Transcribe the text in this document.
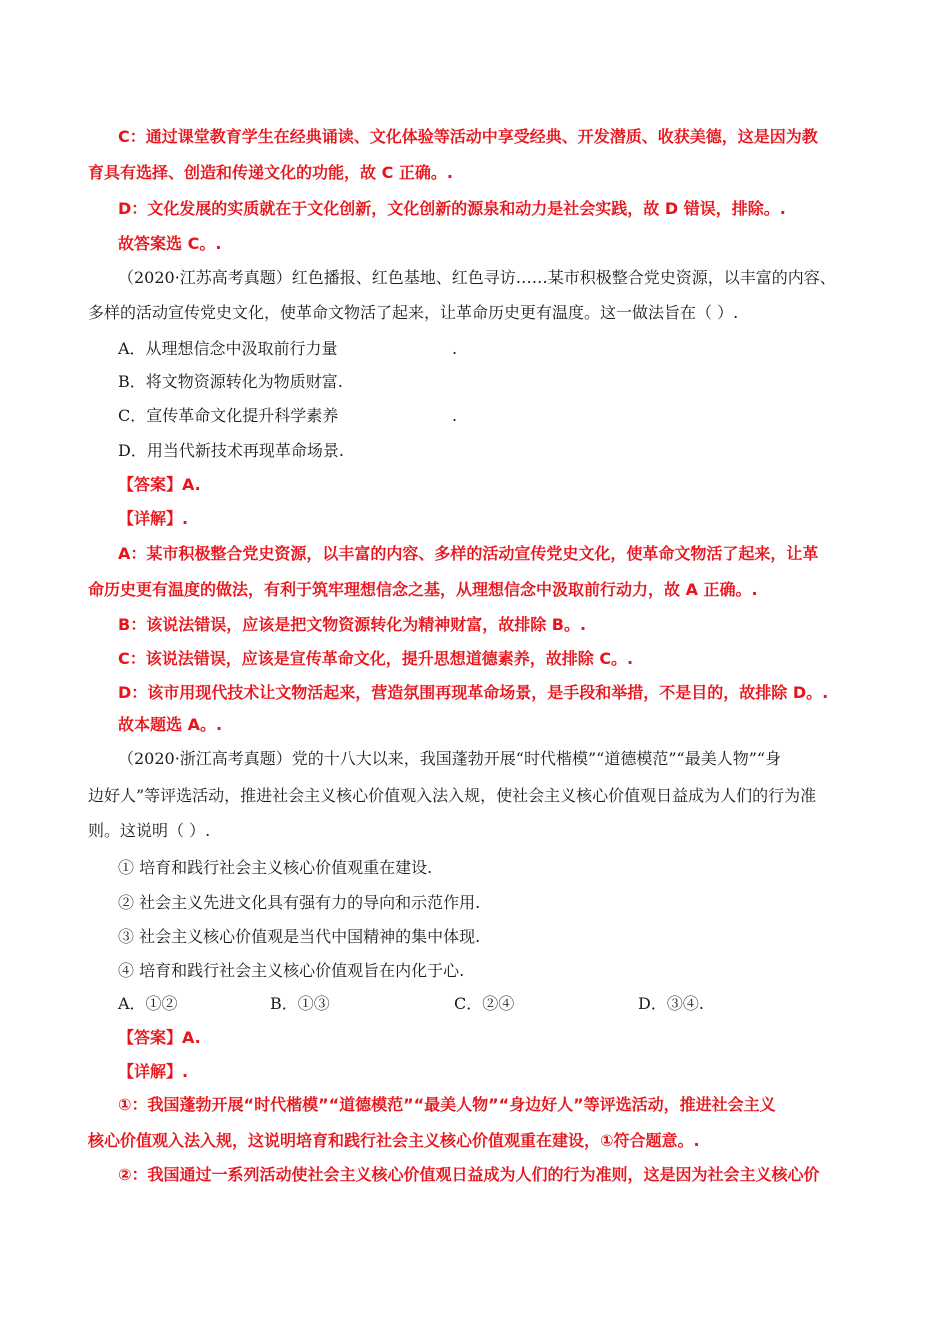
C：通过课堂教育学生在经典诵读、文化体验等活动中享受经典、开发潜质、收获美德，这是因为教
育具有选择、创造和传递文化的功能，故 C 正确。.
D：文化发展的实质就在于文化创新，文化创新的源泉和动力是社会实践，故 D 错误，排除。.
故答案选 C。.
（2020·江苏高考真题）红色播报、红色基地、红色寻访……某市积极整合党史资源，以丰富的内容、
多样的活动宣传党史文化，使革命文物活了起来，让革命历史更有温度。这一做法旨在（ ）.
A．从理想信念中汲取前行力量	.
B．将文物资源转化为物质财富.
C．宣传革命文化提升科学素养	.
D．用当代新技术再现革命场景.
【答案】A.
【详解】.
A：某市积极整合党史资源，以丰富的内容、多样的活动宣传党史文化，使革命文物活了起来，让革
命历史更有温度的做法，有利于筑牢理想信念之基，从理想信念中汲取前行动力，故 A 正确。.
B：该说法错误，应该是把文物资源转化为精神财富，故排除 B。.
C：该说法错误，应该是宣传革命文化，提升思想道德素养，故排除 C。.
D：该市用现代技术让文物活起来，营造氛围再现革命场景，是手段和举措，不是目的，故排除 D。.
故本题选 A。.
（2020·浙江高考真题）党的十八大以来，我国蓬勃开展“时代楷模”“道德模范”“最美人物”“身
边好人”等评选活动，推进社会主义核心价值观入法入规，使社会主义核心价值观日益成为人们的行为准
则。这说明（ ）.
① 培育和践行社会主义核心价值观重在建设.
② 社会主义先进文化具有强有力的导向和示范作用.
③ 社会主义核心价值观是当代中国精神的集中体现.
④ 培育和践行社会主义核心价值观旨在内化于心.
A．①②	B．①③	C．②④	D．③④.
【答案】A.
【详解】.
①：我国蓬勃开展“时代楷模”“道德模范”“最美人物”“身边好人”等评选活动，推进社会主义
核心价值观入法入规，这说明培育和践行社会主义核心价值观重在建设，①符合题意。.
②：我国通过一系列活动使社会主义核心价值观日益成为人们的行为准则，这是因为社会主义核心价
